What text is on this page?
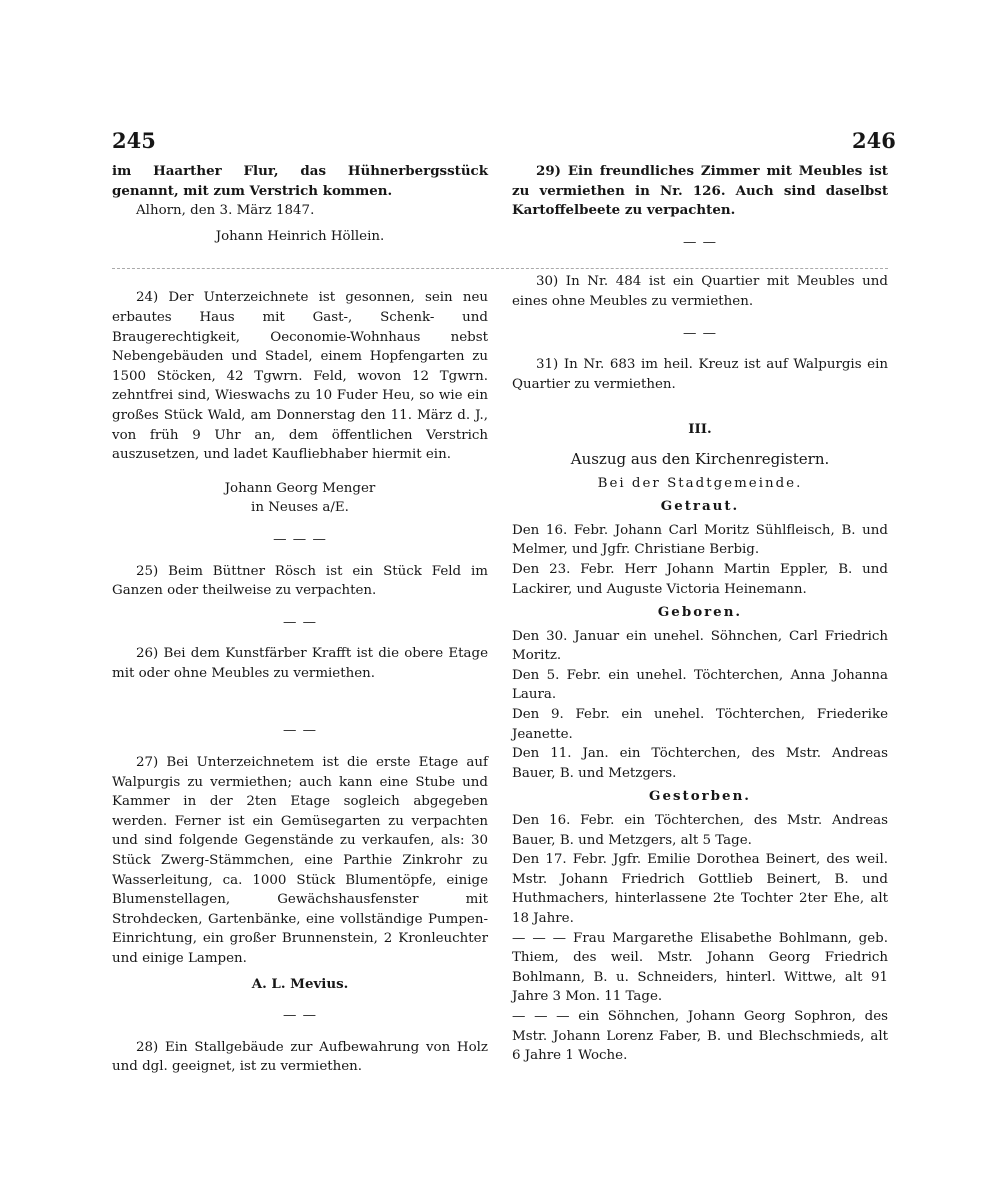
245	246

im Haarther Flur, das Hühnerbergsstück genannt, mit zum Verstrich kommen.

Alhorn, den 3. März 1847.

Johann Heinrich Höllein.

24) Der Unterzeichnete ist gesonnen, sein neu erbautes Haus mit Gast-, Schenk- und Braugerechtigkeit, Oeconomie-Wohnhaus nebst Nebengebäuden und Stadel, einem Hopfengarten zu 1500 Stöcken, 42 Tgwrn. Feld, wovon 12 Tgwrn. zehntfrei sind, Wieswachs zu 10 Fuder Heu, so wie ein großes Stück Wald, am Donnerstag den 11. März d. J., von früh 9 Uhr an, dem öffentlichen Verstrich auszusetzen, und ladet Kaufliebhaber hiermit ein.

Johann Georg Menger

in Neuses a/E.

— — —

25) Beim Büttner Rösch ist ein Stück Feld im Ganzen oder theilweise zu verpachten.

— —

26) Bei dem Kunstfärber Krafft ist die obere Etage mit oder ohne Meubles zu vermiethen.

— —

27) Bei Unterzeichnetem ist die erste Etage auf Walpurgis zu vermiethen; auch kann eine Stube und Kammer in der 2ten Etage sogleich abgegeben werden. Ferner ist ein Gemüsegarten zu verpachten und sind folgende Gegenstände zu verkaufen, als: 30 Stück Zwerg-Stämmchen, eine Parthie Zinkrohr zu Wasserleitung, ca. 1000 Stück Blumentöpfe, einige Blumenstellagen, Gewächshausfenster mit Strohdecken, Gartenbänke, eine vollständige Pumpen-Einrichtung, ein großer Brunnenstein, 2 Kronleuchter und einige Lampen.

A. L. Mevius.

— —

28) Ein Stallgebäude zur Aufbewahrung von Holz und dgl. geeignet, ist zu vermiethen.

29) Ein freundliches Zimmer mit Meubles ist zu vermiethen in Nr. 126. Auch sind daselbst Kartoffelbeete zu verpachten.

— —

30) In Nr. 484 ist ein Quartier mit Meubles und eines ohne Meubles zu vermiethen.

— —

31) In Nr. 683 im heil. Kreuz ist auf Walpurgis ein Quartier zu vermiethen.

III.

Auszug aus den Kirchenregistern.

Bei der Stadtgemeinde.

Getraut.

Den 16. Febr. Johann Carl Moritz Sühlfleisch, B. und Melmer, und Jgfr. Christiane Berbig.

Den 23. Febr. Herr Johann Martin Eppler, B. und Lackirer, und Auguste Victoria Heinemann.

Geboren.

Den 30. Januar ein unehel. Söhnchen, Carl Friedrich Moritz.

Den 5. Febr. ein unehel. Töchterchen, Anna Johanna Laura.

Den 9. Febr. ein unehel. Töchterchen, Friederike Jeanette.

Den 11. Jan. ein Töchterchen, des Mstr. Andreas Bauer, B. und Metzgers.

Gestorben.

Den 16. Febr. ein Töchterchen, des Mstr. Andreas Bauer, B. und Metzgers, alt 5 Tage.

Den 17. Febr. Jgfr. Emilie Dorothea Beinert, des weil. Mstr. Johann Friedrich Gottlieb Beinert, B. und Huthmachers, hinterlassene 2te Tochter 2ter Ehe, alt 18 Jahre.

— — — Frau Margarethe Elisabethe Bohlmann, geb. Thiem, des weil. Mstr. Johann Georg Friedrich Bohlmann, B. u. Schneiders, hinterl. Wittwe, alt 91 Jahre 3 Mon. 11 Tage.

— — — ein Söhnchen, Johann Georg Sophron, des Mstr. Johann Lorenz Faber, B. und Blechschmieds, alt 6 Jahre 1 Woche.
